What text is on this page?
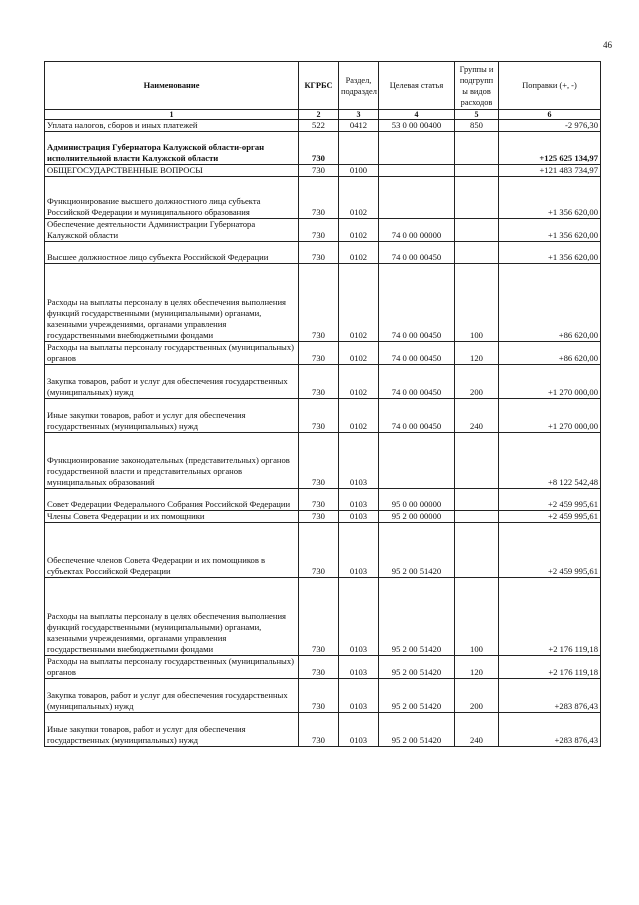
46
Наименование	КГРБС	Раздел, подраздел	Целевая статья	Группы и подгрупп ы видов расходов	Поправки (+, -)
1	2	3	4	5	6
Уплата налогов, сборов и иных платежей	522	0412	53 0 00 00400	850	-2 976,30
Администрация Губернатора Калужской области-орган исполнительной власти Калужской области	730				+125 625 134,97
ОБЩЕГОСУДАРСТВЕННЫЕ ВОПРОСЫ	730	0100			+121 483 734,97
Функционирование высшего должностного лица субъекта Российской Федерации и муниципального образования	730	0102			+1 356 620,00
Обеспечение деятельности Администрации Губернатора Калужской области	730	0102	74 0 00 00000		+1 356 620,00
Высшее должностное лицо субъекта Российской Федерации	730	0102	74 0 00 00450		+1 356 620,00
Расходы на выплаты персоналу в целях обеспечения выполнения функций государственными (муниципальными) органами, казенными учреждениями, органами управления государственными внебюджетными фондами	730	0102	74 0 00 00450	100	+86 620,00
Расходы на выплаты персоналу государственных (муниципальных) органов	730	0102	74 0 00 00450	120	+86 620,00
Закупка товаров, работ и услуг для обеспечения государственных (муниципальных) нужд	730	0102	74 0 00 00450	200	+1 270 000,00
Иные закупки товаров, работ и услуг для обеспечения государственных (муниципальных) нужд	730	0102	74 0 00 00450	240	+1 270 000,00
Функционирование законодательных (представительных) органов государственной власти и представительных органов муниципальных образований	730	0103			+8 122 542,48
Совет Федерации Федерального Собрания Российской Федерации	730	0103	95 0 00 00000		+2 459 995,61
Члены Совета Федерации и их помощники	730	0103	95 2 00 00000		+2 459 995,61
Обеспечение членов Совета Федерации и их помощников в субъектах Российской Федерации	730	0103	95 2 00 51420		+2 459 995,61
Расходы на выплаты персоналу в целях обеспечения выполнения функций государственными (муниципальными) органами, казенными учреждениями, органами управления государственными внебюджетными фондами	730	0103	95 2 00 51420	100	+2 176 119,18
Расходы на выплаты персоналу государственных (муниципальных) органов	730	0103	95 2 00 51420	120	+2 176 119,18
Закупка товаров, работ и услуг для обеспечения государственных (муниципальных) нужд	730	0103	95 2 00 51420	200	+283 876,43
Иные закупки товаров, работ и услуг для обеспечения государственных (муниципальных) нужд	730	0103	95 2 00 51420	240	+283 876,43
